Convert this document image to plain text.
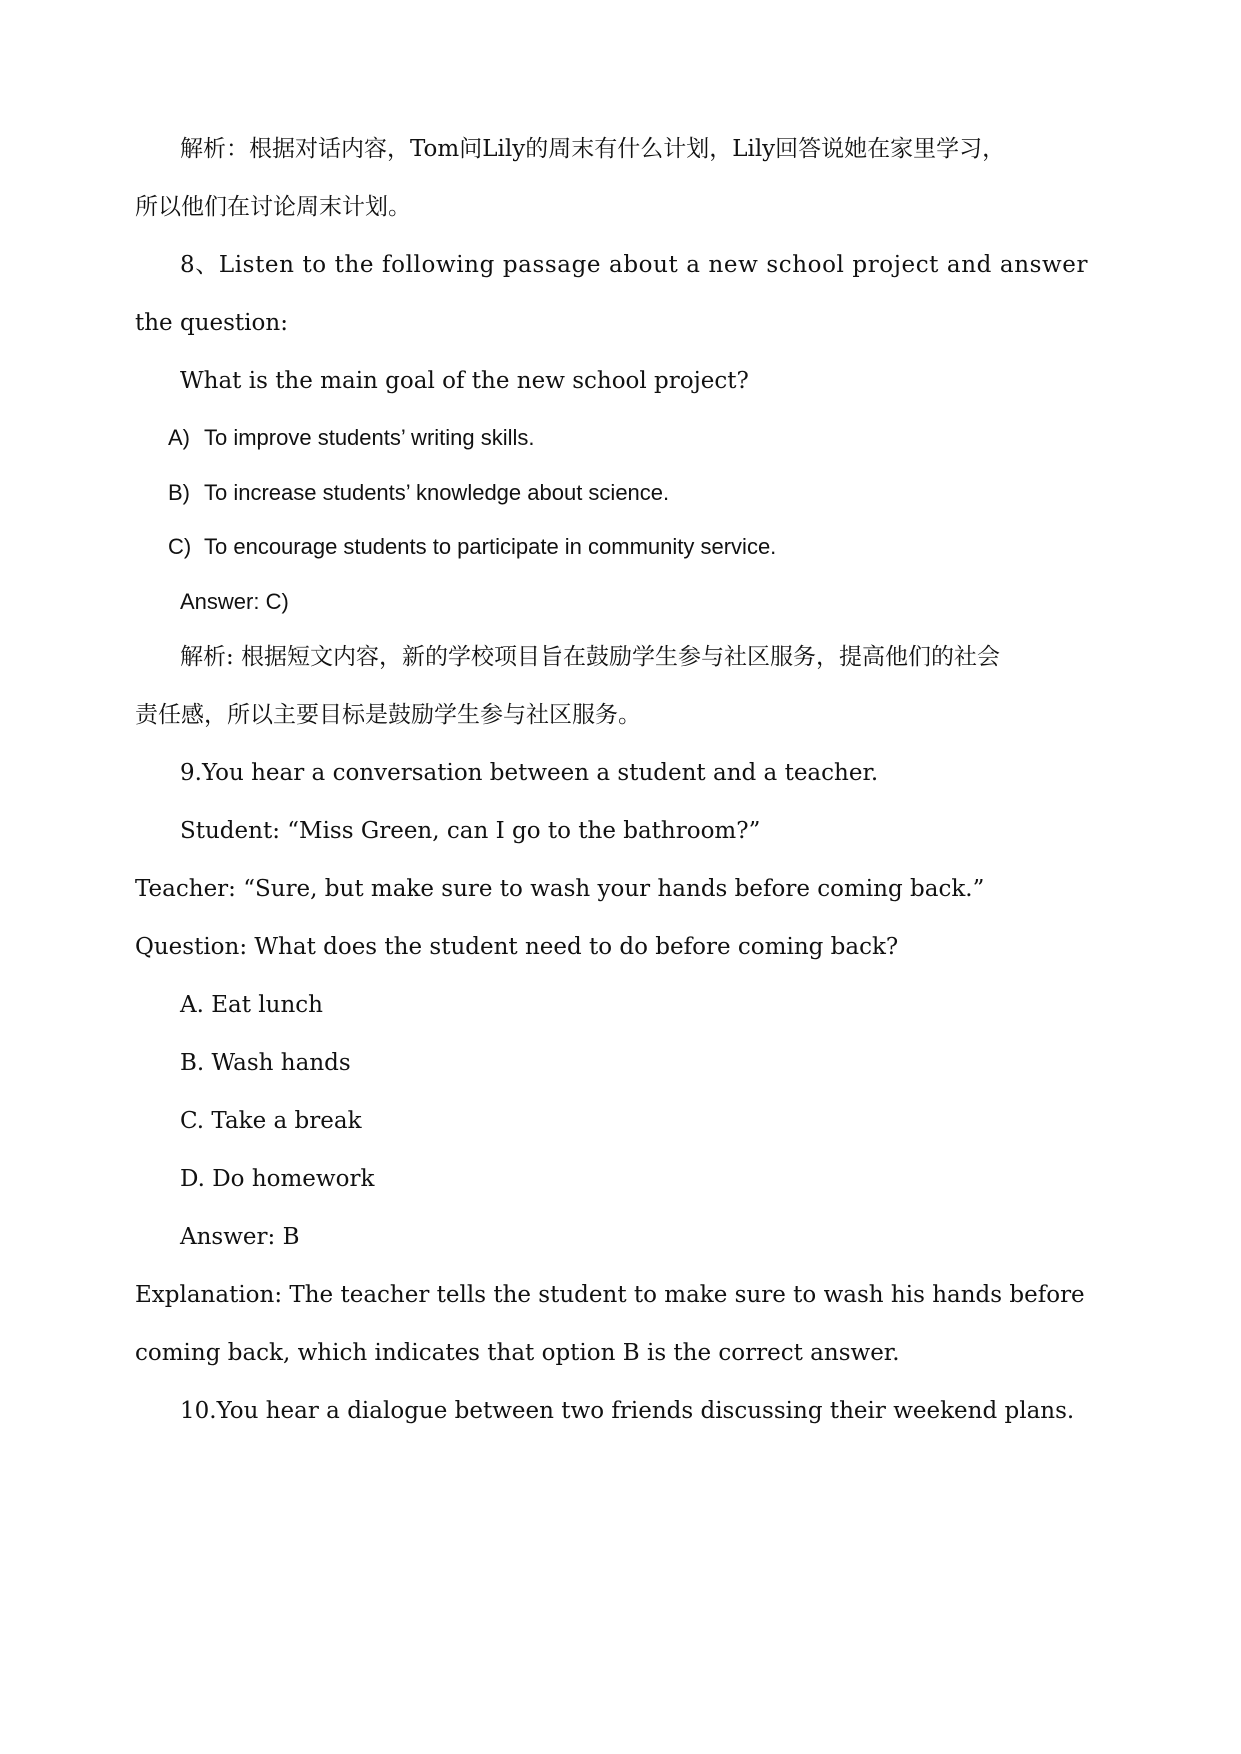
解析：根据对话内容，Tom问Lily的周末有什么计划，Lily回答说她在家里学习，

所以他们在讨论周末计划。

8、Listen to the following passage about a new school project and answer

the question:

What is the main goal of the new school project?

A) To improve students’ writing skills.

B) To increase students’ knowledge about science.

C) To encourage students to participate in community service.

Answer: C)

解析: 根据短文内容，新的学校项目旨在鼓励学生参与社区服务，提高他们的社会

责任感，所以主要目标是鼓励学生参与社区服务。

9.You hear a conversation between a student and a teacher.

Student: “Miss Green, can I go to the bathroom?”

Teacher: “Sure, but make sure to wash your hands before coming back.”

Question: What does the student need to do before coming back?

A. Eat lunch

B. Wash hands

C. Take a break

D. Do homework

Answer: B

Explanation: The teacher tells the student to make sure to wash his hands before

coming back, which indicates that option B is the correct answer.

10.You hear a dialogue between two friends discussing their weekend plans.
